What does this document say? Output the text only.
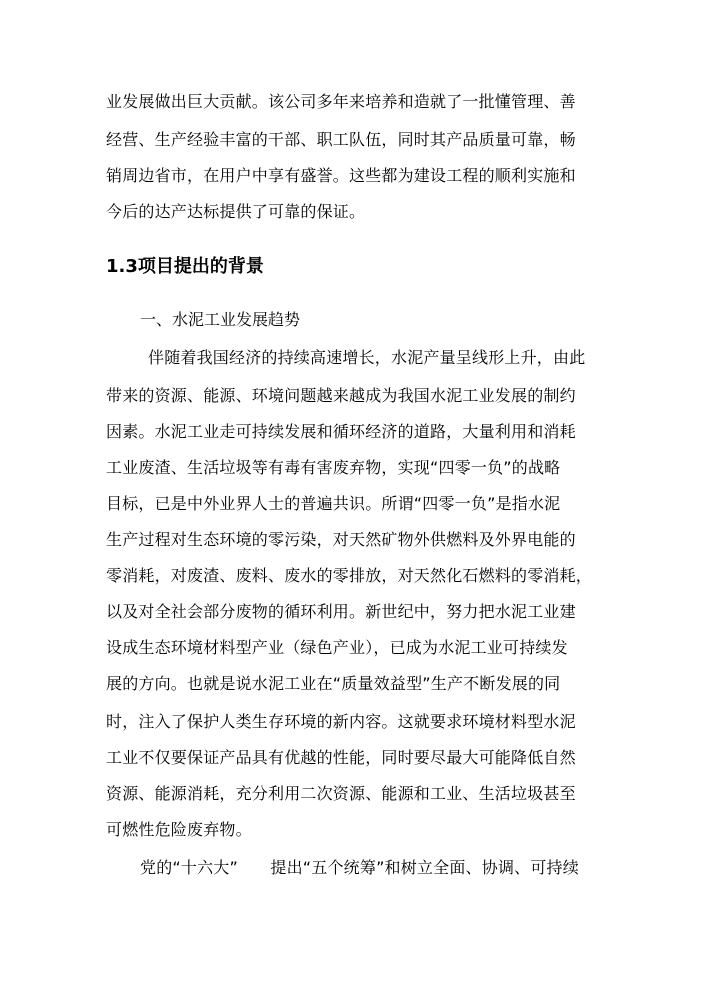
业发展做出巨大贡献。该公司多年来培养和造就了一批懂管理、善
经营、生产经验丰富的干部、职工队伍，同时其产品质量可靠，畅
销周边省市，在用户中享有盛誉。这些都为建设工程的顺利实施和
今后的达产达标提供了可靠的保证。
1.3项目提出的背景
一、水泥工业发展趋势
伴随着我国经济的持续高速增长，水泥产量呈线形上升，由此
带来的资源、能源、环境问题越来越成为我国水泥工业发展的制约
因素。水泥工业走可持续发展和循环经济的道路，大量利用和消耗
工业废渣、生活垃圾等有毒有害废弃物，实现“四零一负”的战略
目标，已是中外业界人士的普遍共识。所谓“四零一负”是指水泥
生产过程对生态环境的零污染，对天然矿物外供燃料及外界电能的
零消耗，对废渣、废料、废水的零排放，对天然化石燃料的零消耗，
以及对全社会部分废物的循环利用。新世纪中，努力把水泥工业建
设成生态环境材料型产业（绿色产业），已成为水泥工业可持续发
展的方向。也就是说水泥工业在“质量效益型”生产不断发展的同
时，注入了保护人类生存环境的新内容。这就要求环境材料型水泥
工业不仅要保证产品具有优越的性能，同时要尽最大可能降低自然
资源、能源消耗，充分利用二次资源、能源和工业、生活垃圾甚至
可燃性危险废弃物。
党的“十六大”　　提出“五个统筹”和树立全面、协调、可持续
